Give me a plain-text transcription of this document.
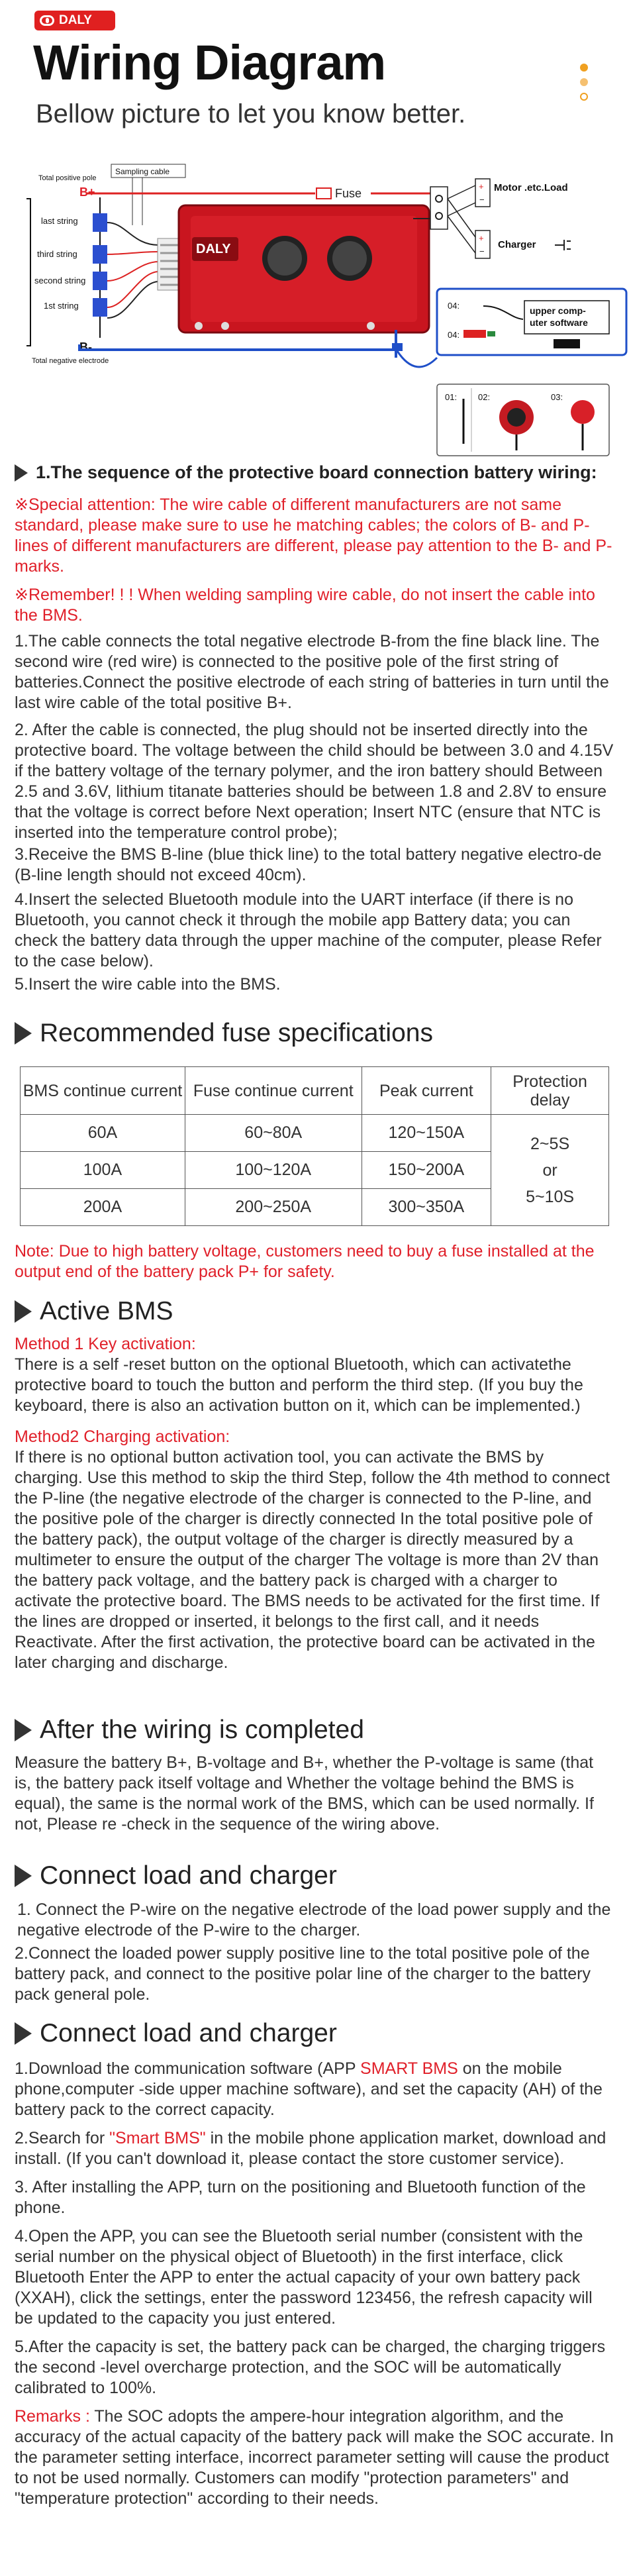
DALY
Wiring Diagram
Bellow picture to let you know better.
Total positive pole
B+
B-
Total negative electrode
last string
third string
second string
1st string
Sampling cable
DALY
Fuse
+
−
Motor .etc.Load
+
−
Charger
04:
04:
upper comp-
uter software
01: 02:	03:
1.The sequence of the protective board connection battery wiring:
※Special attention: The wire cable of different manufacturers are not same standard, please make sure to use he matching cables; the colors of B- and P- lines of different manufacturers are different, please pay attention to the B- and P- marks.
※Remember! ! ! When welding sampling wire cable, do not insert the cable into the BMS.
1.The cable connects the total negative electrode B-from the fine black line. The second wire (red wire) is connected to the positive pole of the first string of batteries.Connect the positive electrode of each string of batteries in turn until the last wire cable of the total positive B+.
2. After the cable is connected, the plug should not be inserted directly into the protective board. The voltage between the child should be between 3.0 and 4.15V if the battery voltage of the ternary polymer, and the iron battery should Between 2.5 and 3.6V, lithium titanate batteries should be between 1.8 and 2.8V to ensure that the voltage is correct before Next operation; Insert NTC (ensure that NTC is inserted into the temperature control probe);
3.Receive the BMS B-line (blue thick line) to the total battery negative electro-de (B-line length should not exceed 40cm).
4.Insert the selected Bluetooth module into the UART interface (if there is no Bluetooth, you cannot check it through the mobile app Battery data; you can check the battery data through the upper machine of the computer, please Refer to the case below).
5.Insert the wire cable into the BMS.
Recommended fuse specifications
BMS continue current	Fuse continue current	Peak current	Protection delay
60A	60~80A	120~150A	2~5S
or
5~10S

100A	100~120A	150~200A	
200A	200~250A	300~350A	
Note: Due to high battery voltage, customers need to buy a fuse installed at the output end of the battery pack P+ for safety.
Active BMS
Method 1 Key activation:
There is a self -reset button on the optional Bluetooth, which can activatethe protective board to touch the button and perform the third step. (If you buy the keyboard, there is also an activation button on it, which can be implemented.)
Method2 Charging activation:
If there is no optional button activation tool, you can activate the BMS by charging. Use this method to skip the third Step, follow the 4th method to connect the P-line (the negative electrode of the charger is connected to the P-line, and the positive pole of the charger is directly connected In the total positive pole of the battery pack), the output voltage of the charger is directly measured by a multimeter to ensure the output of the charger The voltage is more than 2V than the battery pack voltage, and the battery pack is charged with a charger to activate the protective board. The BMS needs to be activated for the first time. If the lines are dropped or inserted, it belongs to the first call, and it needs Reactivate. After the first activation, the protective board can be activated in the later charging and discharge.
After the wiring is completed
Measure the battery B+, B-voltage and B+, whether the P-voltage is same (that is, the battery pack itself voltage and Whether the voltage behind the BMS is equal), the same is the normal work of the BMS, which can be used normally. If not, Please re -check in the sequence of the wiring above.
Connect load and charger
1. Connect the P-wire on the negative electrode of the load power supply and the negative electrode of the P-wire to the charger.
2.Connect the loaded power supply positive line to the total positive pole of the battery pack, and connect to the positive polar line of the charger to the battery pack general pole.
Connect load and charger
1.Download the communication software (APP SMART BMS on the mobile phone,computer -side upper machine software), and set the capacity (AH) of the battery pack to the correct capacity.
2.Search for "Smart BMS" in the mobile phone application market, download and install. (If you can't download it, please contact the store customer service).
3. After installing the APP, turn on the positioning and Bluetooth function of the phone.
4.Open the APP, you can see the Bluetooth serial number (consistent with the serial number on the physical object of Bluetooth) in the first interface, click Bluetooth Enter the APP to enter the actual capacity of your own battery pack (XXAH), click the settings, enter the password 123456, the refresh capacity will be updated to the capacity you just entered.
5.After the capacity is set, the battery pack can be charged, the charging triggers the second -level overcharge protection, and the SOC will be automatically calibrated to 100%.
Remarks : The SOC adopts the ampere-hour integration algorithm, and the accuracy of the actual capacity of the battery pack will make the SOC accurate. In the parameter setting interface, incorrect parameter setting will cause the product to not be used normally. Customers can modify "protection parameters" and "temperature protection" according to their needs.
